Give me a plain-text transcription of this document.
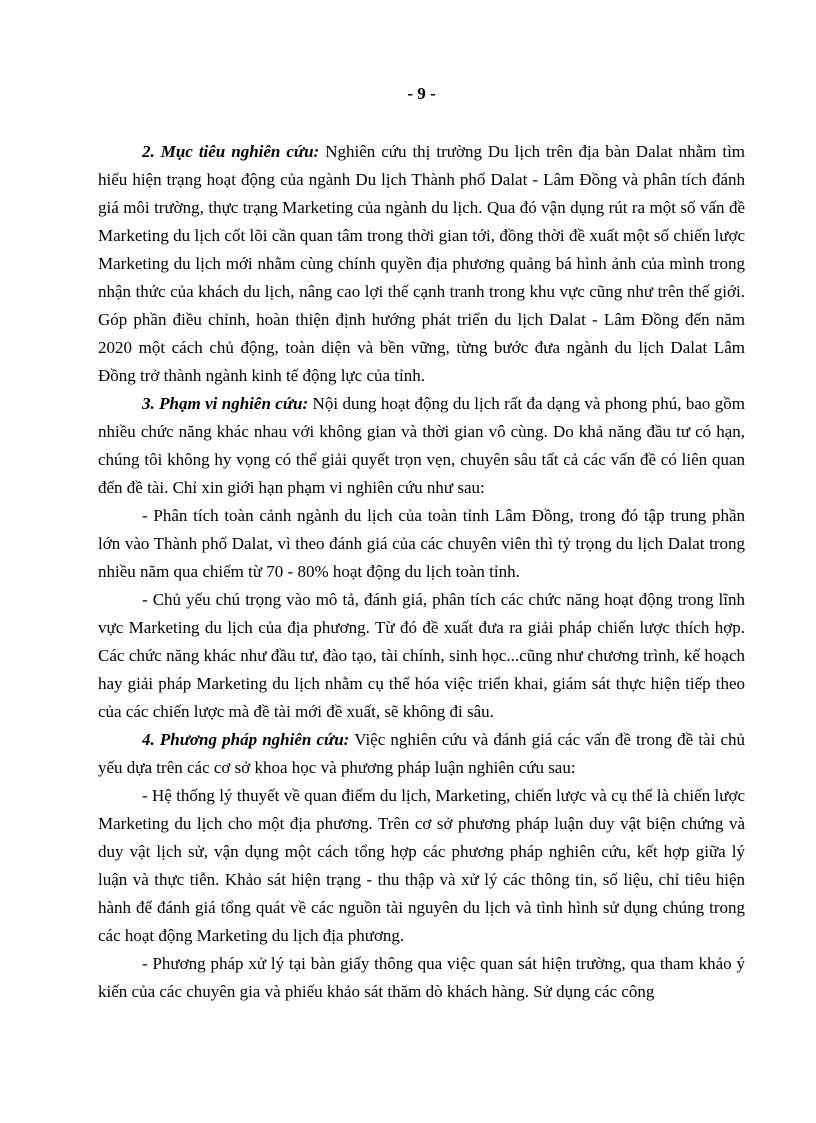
- 9 -

2. Mục tiêu nghiên cứu: Nghiên cứu thị trường Du lịch trên địa bàn Dalat nhằm tìm hiểu hiện trạng hoạt động của ngành Du lịch Thành phố Dalat - Lâm Đồng và phân tích đánh giá môi trường, thực trạng Marketing của ngành du lịch. Qua đó vận dụng rút ra một số vấn đề Marketing du lịch cốt lõi cần quan tâm trong thời gian tới, đồng thời đề xuất một số chiến lược Marketing du lịch mới nhằm cùng chính quyền địa phương quảng bá hình ảnh của mình trong nhận thức của khách du lịch, nâng cao lợi thế cạnh tranh trong khu vực cũng như trên thế giới. Góp phần điều chỉnh, hoàn thiện định hướng phát triển du lịch Dalat - Lâm Đồng đến năm 2020 một cách chủ động, toàn diện và bền vững, từng bước đưa ngành du lịch Dalat Lâm Đồng trở thành ngành kinh tế động lực của tỉnh.

3. Phạm vi nghiên cứu: Nội dung hoạt động du lịch rất đa dạng và phong phú, bao gồm nhiều chức năng khác nhau với không gian và thời gian vô cùng. Do khả năng đầu tư có hạn, chúng tôi không hy vọng có thể giải quyết trọn vẹn, chuyên sâu tất cả các vấn đề có liên quan đến đề tài. Chỉ xin giới hạn phạm vi nghiên cứu như sau:

- Phân tích toàn cảnh ngành du lịch của toàn tỉnh Lâm Đồng, trong đó tập trung phần lớn vào Thành phố Dalat, vì theo đánh giá của các chuyên viên thì tỷ trọng du lịch Dalat trong nhiều năm qua chiếm từ 70 - 80% hoạt động du lịch toàn tỉnh.

- Chủ yếu chú trọng vào mô tả, đánh giá, phân tích các chức năng hoạt động trong lĩnh vực Marketing du lịch của địa phương. Từ đó đề xuất đưa ra giải pháp chiến lược thích hợp. Các chức năng khác như đầu tư, đào tạo, tài chính, sinh học...cũng như chương trình, kế hoạch hay giải pháp Marketing du lịch nhằm cụ thể hóa việc triển khai, giám sát thực hiện tiếp theo của các chiến lược mà đề tài mới đề xuất, sẽ không đi sâu.

4. Phương pháp nghiên cứu: Việc nghiên cứu và đánh giá các vấn đề trong đề tài chủ yếu dựa trên các cơ sở khoa học và phương pháp luận nghiên cứu sau:

- Hệ thống lý thuyết về quan điểm du lịch, Marketing, chiến lược và cụ thể là chiến lược Marketing du lịch cho một địa phương. Trên cơ sở phương pháp luận duy vật biện chứng và duy vật lịch sử, vận dụng một cách tổng hợp các phương pháp nghiên cứu, kết hợp giữa lý luận và thực tiễn. Khảo sát hiện trạng - thu thập và xử lý các thông tin, số liệu, chỉ tiêu hiện hành để đánh giá tổng quát về các nguồn tài nguyên du lịch và tình hình sử dụng chúng trong các hoạt động Marketing du lịch địa phương.

- Phương pháp xử lý tại bàn giấy thông qua việc quan sát hiện trường, qua tham khảo ý kiến của các chuyên gia và phiếu khảo sát thăm dò khách hàng. Sử dụng các công
